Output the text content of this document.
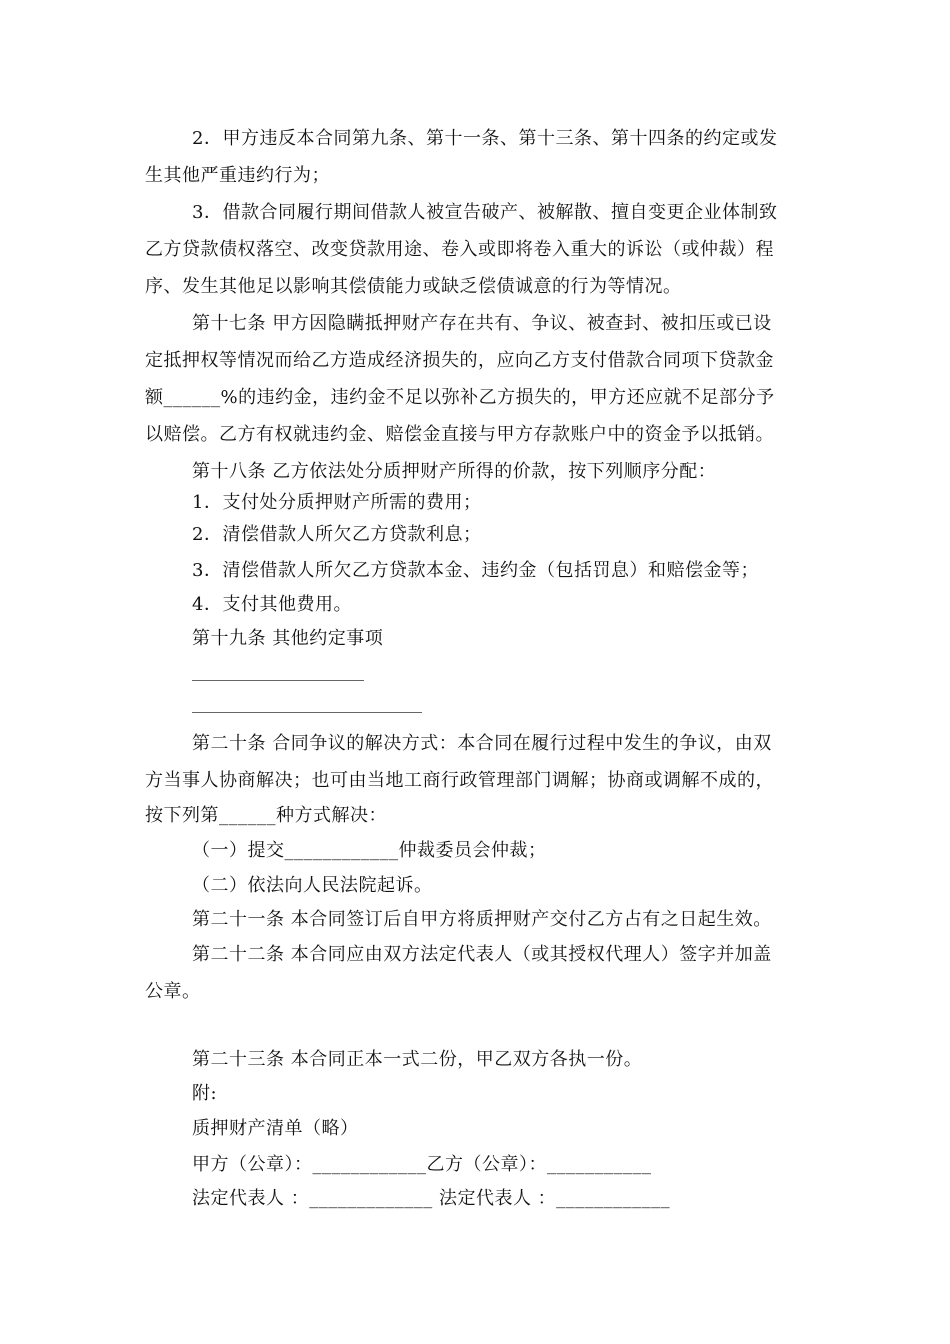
2．甲方违反本合同第九条、第十一条、第十三条、第十四条的约定或发
生其他严重违约行为；
3．借款合同履行期间借款人被宣告破产、被解散、擅自变更企业体制致
乙方贷款债权落空、改变贷款用途、卷入或即将卷入重大的诉讼（或仲裁）程
序、发生其他足以影响其偿债能力或缺乏偿债诚意的行为等情况。
第十七条 甲方因隐瞒抵押财产存在共有、争议、被查封、被扣压或已设
定抵押权等情况而给乙方造成经济损失的，应向乙方支付借款合同项下贷款金
额______%的违约金，违约金不足以弥补乙方损失的，甲方还应就不足部分予
以赔偿。乙方有权就违约金、赔偿金直接与甲方存款账户中的资金予以抵销。
第十八条 乙方依法处分质押财产所得的价款，按下列顺序分配：
1．支付处分质押财产所需的费用；
2．清偿借款人所欠乙方贷款利息；
3．清偿借款人所欠乙方贷款本金、违约金（包括罚息）和赔偿金等；
4．支付其他费用。
第十九条 其他约定事项
第二十条 合同争议的解决方式：本合同在履行过程中发生的争议，由双
方当事人协商解决；也可由当地工商行政管理部门调解；协商或调解不成的，
按下列第______种方式解决：
（一）提交____________仲裁委员会仲裁；
（二）依法向人民法院起诉。
第二十一条 本合同签订后自甲方将质押财产交付乙方占有之日起生效。
第二十二条 本合同应由双方法定代表人（或其授权代理人）签字并加盖
公章。
第二十三条 本合同正本一式二份，甲乙双方各执一份。
附:
质押财产清单（略）
甲方（公章）：____________乙方（公章）：___________
法定代表人 ：_____________ 法定代表人 ：____________
